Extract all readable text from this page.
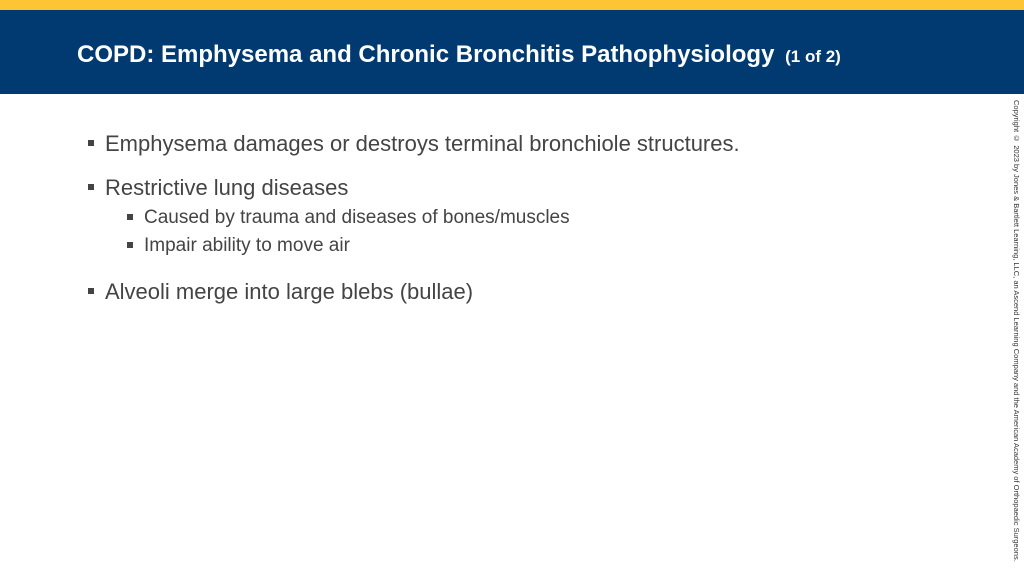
COPD: Emphysema and Chronic Bronchitis Pathophysiology (1 of 2)
Emphysema damages or destroys terminal bronchiole structures.
Restrictive lung diseases
Caused by trauma and diseases of bones/muscles
Impair ability to move air
Alveoli merge into large blebs (bullae)	Copyright © 2023 by Jones & Bartlett Learning, LLC, an Ascend Learning Company and the American Academy of Orthopaedic Surgeons.
